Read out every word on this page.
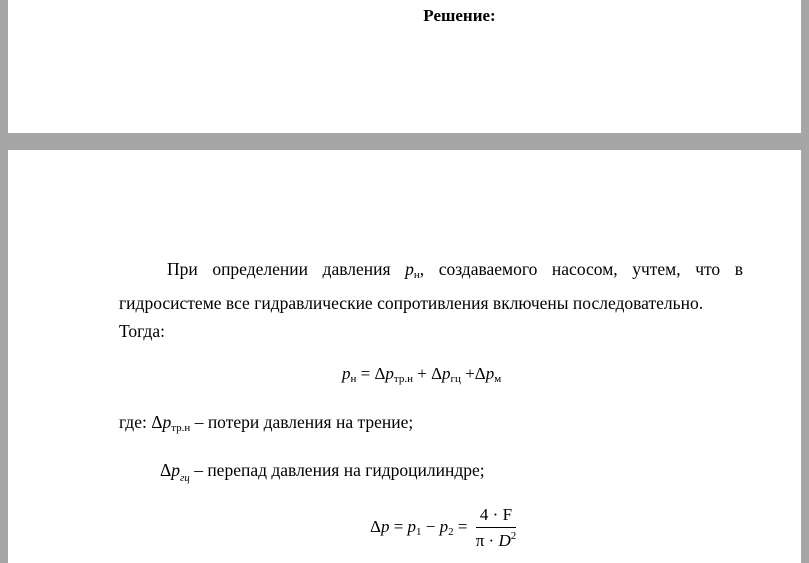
Решение:
При определении давления $p_н$, создаваемого насосом, учтем, что в
гидросистеме все гидравлические сопротивления включены последовательно.
Тогда:
$p_н = \Delta p_{тр.н} + \Delta p_{гц} +\Delta p_м$
где: $\Delta p_{тр.н}$ – потери давления на трение;
$\Delta p_{гц}$ – перепад давления на гидроцилиндре;
$\Delta p = p_1 - p_2 = \frac{4 \cdot F}{\pi \cdot D^2}$
